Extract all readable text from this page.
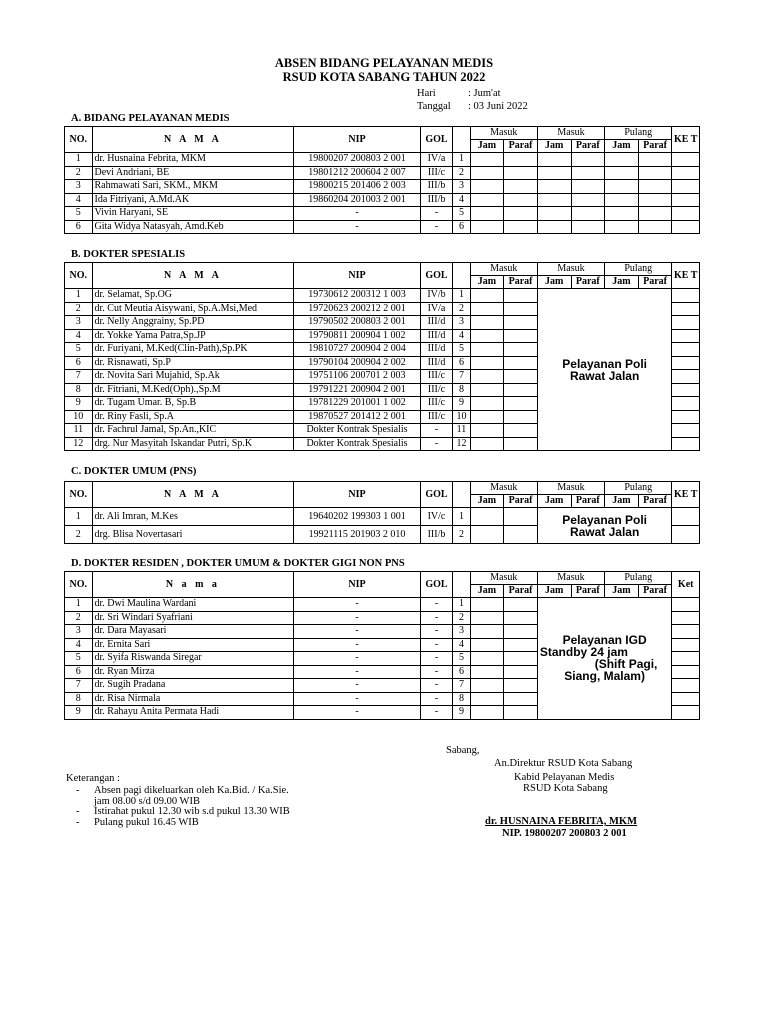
ABSEN BIDANG PELAYANAN MEDIS
RSUD KOTA SABANG TAHUN 2022
Hari	: Jum'at
Tanggal : 03 Juni 2022
A. BIDANG PELAYANAN MEDIS
NO.	N A M A	NIP	GOL		Masuk		Masuk		Pulang		KE T
					Jam	Paraf	Jam	Paraf	Jam	Paraf	
1	dr. Husnaina Febrita, MKM	19800207 200803 2 001	IV/a	1							
2	Devi Andriani, BE	19801212 200604 2 007	III/c	2							
3	Rahmawati Sari, SKM., MKM	19800215 201406 2 003	III/b	3							
4	Ida Fitriyani, A.Md.AK	19860204 201003 2 001	III/b	4							
5	Vivin Haryani, SE	-	-	5							
6	Gita Widya Natasyah, Amd.Keb	-	-	6							
B. DOKTER SPESIALIS
NO.	N A M A	NIP	GOL		Masuk		Masuk		Pulang		KE T
					Jam	Paraf	Jam	Paraf	Jam	Paraf	
1	dr. Selamat, Sp.OG	19730612 200312 1 003	IV/b	1			Pelayanan Poli Rawat Jalan				

2	dr. Cut Meutia Aisywani, Sp.A.Msi,Med	19720623 200212 2 001	IV/a	2							
3	dr. Nelly Anggrainy, Sp.PD	19790502 200803 2 001	III/d	3							
4	dr. Yokke Yama Patra,Sp.JP	19790811 200904 1 002	III/d	4							
5	dr. Furiyani, M.Ked(Clin-Path),Sp.PK	19810727 200904 2 004	III/d	5							
6	dr. Risnawati, Sp.P	19790104 200904 2 002	III/d	6							
7	dr. Novita Sari Mujahid, Sp.Ak	19751106 200701 2 003	III/c	7							
8	dr. Fitriani, M.Ked(Oph).,Sp.M	19791221 200904 2 001	III/c	8							
9	dr. Tugam Umar. B, Sp.B	19781229 201001 1 002	III/c	9							
10	dr. Riny Fasli, Sp.A	19870527 201412 2 001	III/c	10							
11	dr. Fachrul Jamal, Sp.An.,KIC	Dokter Kontrak Spesialis	-	11							
12	drg. Nur Masyitah Iskandar Putri, Sp.K	Dokter Kontrak Spesialis	-	12							
C. DOKTER UMUM (PNS)
NO.	N A M A	NIP	GOL		Masuk		Masuk		Pulang		KE T
					Jam	Paraf	Jam	Paraf	Jam	Paraf	
1	dr. Ali Imran, M.Kes	19640202 199303 1 001	IV/c	1			Pelayanan Poli Rawat Jalan				

2	drg. Blisa Novertasari	19921115 201903 2 010	III/b	2							
D. DOKTER RESIDEN , DOKTER UMUM & DOKTER GIGI NON PNS
NO.	N a m a	NIP	GOL		Masuk		Masuk		Pulang		Ket
					Jam	Paraf	Jam	Paraf	Jam	Paraf	
1	dr. Dwi Maulina Wardani	-	-	1			Pelayanan IGD
Standby 24 jam
(Shift Pagi,
Siang, Malam)				

2	dr. Sri Windari Syafriani	-	-	2							
3	dr. Dara Mayasari	-	-	3							
4	dr. Ernita Sari	-	-	4							
5	dr. Syifa Riswanda Siregar	-	-	5							
6	dr. Ryan Mirza	-	-	6							
7	dr. Sugih Pradana	-	-	7							
8	dr. Risa Nirmala	-	-	8							
9	dr. Rahayu Anita Permata Hadi	-	-	9							
Sabang,
An.Direktur RSUD Kota Sabang
Kabid Pelayanan Medis
RSUD Kota Sabang
dr. HUSNAINA FEBRITA, MKM
NIP. 19800207 200803 2 001
Keterangan :
- Absen pagi dikeluarkan oleh Ka.Bid. / Ka.Sie.
jam 08.00 s/d 09.00 WIB
- Istirahat pukul 12.30 wib s.d pukul 13.30 WIB
- Pulang pukul 16.45 WIB
